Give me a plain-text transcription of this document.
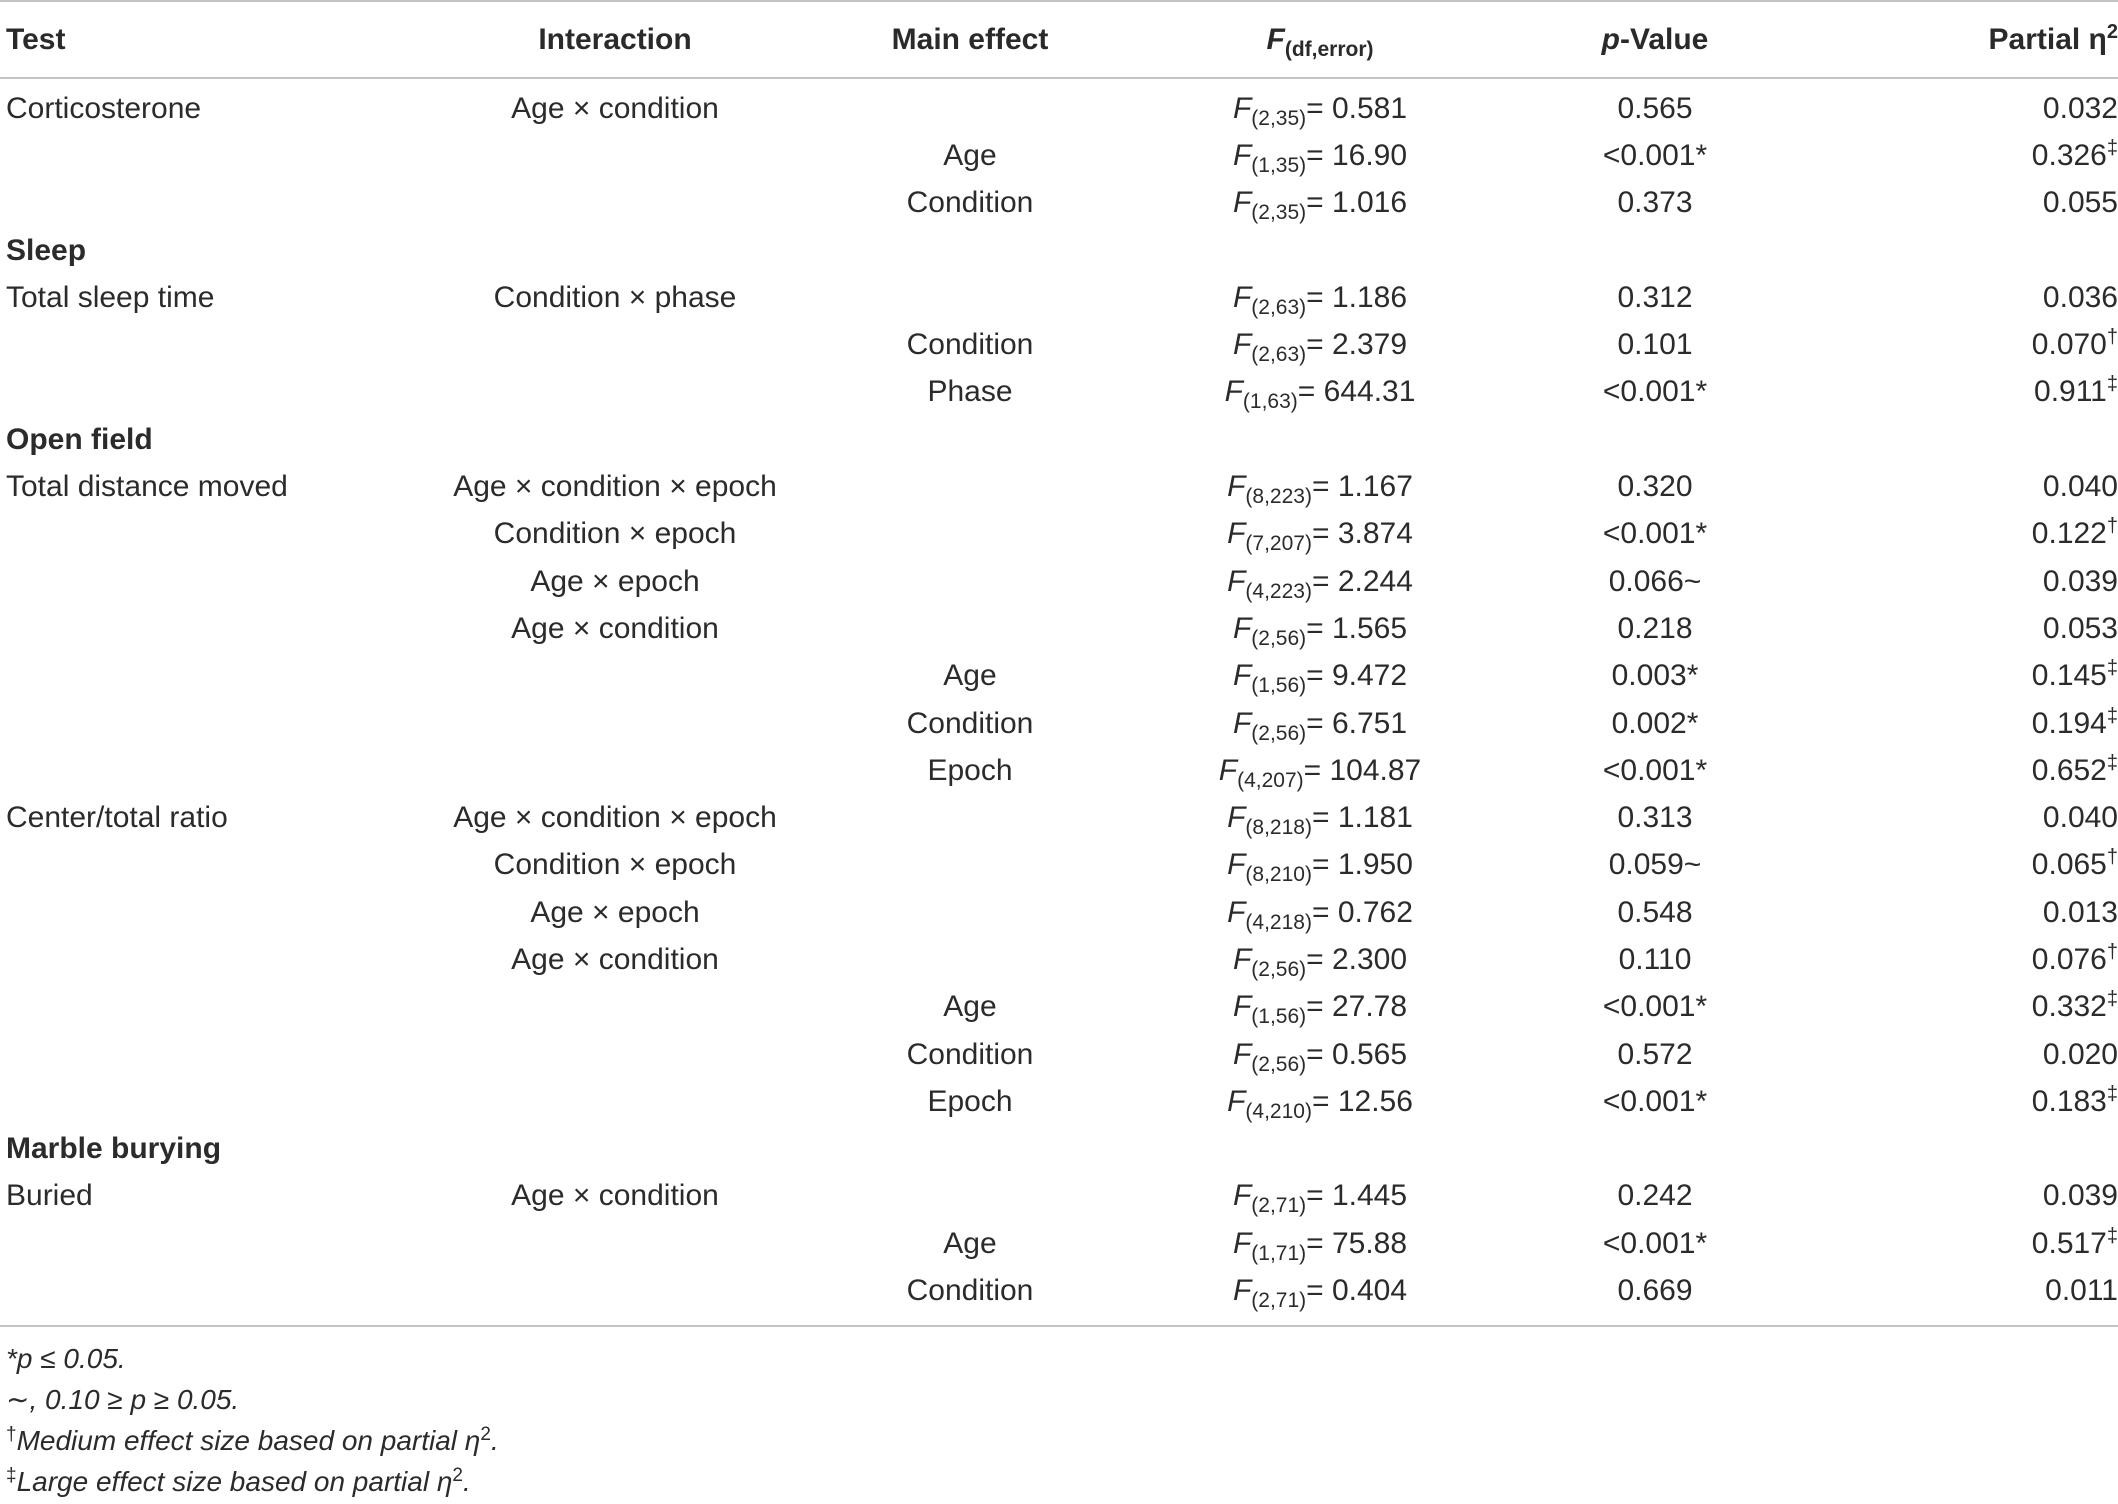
Test	Interaction	Main effect	$F_{(df,error)}$	p-Value	Partial $\eta^2$
Corticosterone	Age × condition		$F_{(2,35)}= 0.581$	0.565	0.032
		Age	$F_{(1,35)}= 16.90$	<0.001*	0.326‡
		Condition	$F_{(2,35)}= 1.016$	0.373	0.055
Sleep					
Total sleep time	Condition × phase		$F_{(2,63)}= 1.186$	0.312	0.036
		Condition	$F_{(2,63)}= 2.379$	0.101	0.070†
		Phase	$F_{(1,63)}= 644.31$	<0.001*	0.911‡
Open field					
Total distance moved	Age × condition × epoch		$F_{(8,223)}= 1.167$	0.320	0.040
	Condition × epoch		$F_{(7,207)}= 3.874$	<0.001*	0.122†
	Age × epoch		$F_{(4,223)}= 2.244$	0.066~	0.039
	Age × condition		$F_{(2,56)}= 1.565$	0.218	0.053
		Age	$F_{(1,56)}= 9.472$	0.003*	0.145‡
		Condition	$F_{(2,56)}= 6.751$	0.002*	0.194‡
		Epoch	$F_{(4,207)}= 104.87$	<0.001*	0.652‡
Center/total ratio	Age × condition × epoch		$F_{(8,218)}= 1.181$	0.313	0.040
	Condition × epoch		$F_{(8,210)}= 1.950$	0.059~	0.065†
	Age × epoch		$F_{(4,218)}= 0.762$	0.548	0.013
	Age × condition		$F_{(2,56)}= 2.300$	0.110	0.076†
		Age	$F_{(1,56)}= 27.78$	<0.001*	0.332‡
		Condition	$F_{(2,56)}= 0.565$	0.572	0.020
		Epoch	$F_{(4,210)}= 12.56$	<0.001*	0.183‡
Marble burying					
Buried	Age × condition		$F_{(2,71)}= 1.445$	0.242	0.039
		Age	$F_{(1,71)}= 75.88$	<0.001*	0.517‡
		Condition	$F_{(2,71)}= 0.404$	0.669	0.011
*p ≤ 0.05.
∼, 0.10 ≥ p ≥ 0.05.
†Medium effect size based on partial $\eta^2$.
‡Large effect size based on partial $\eta^2$.
